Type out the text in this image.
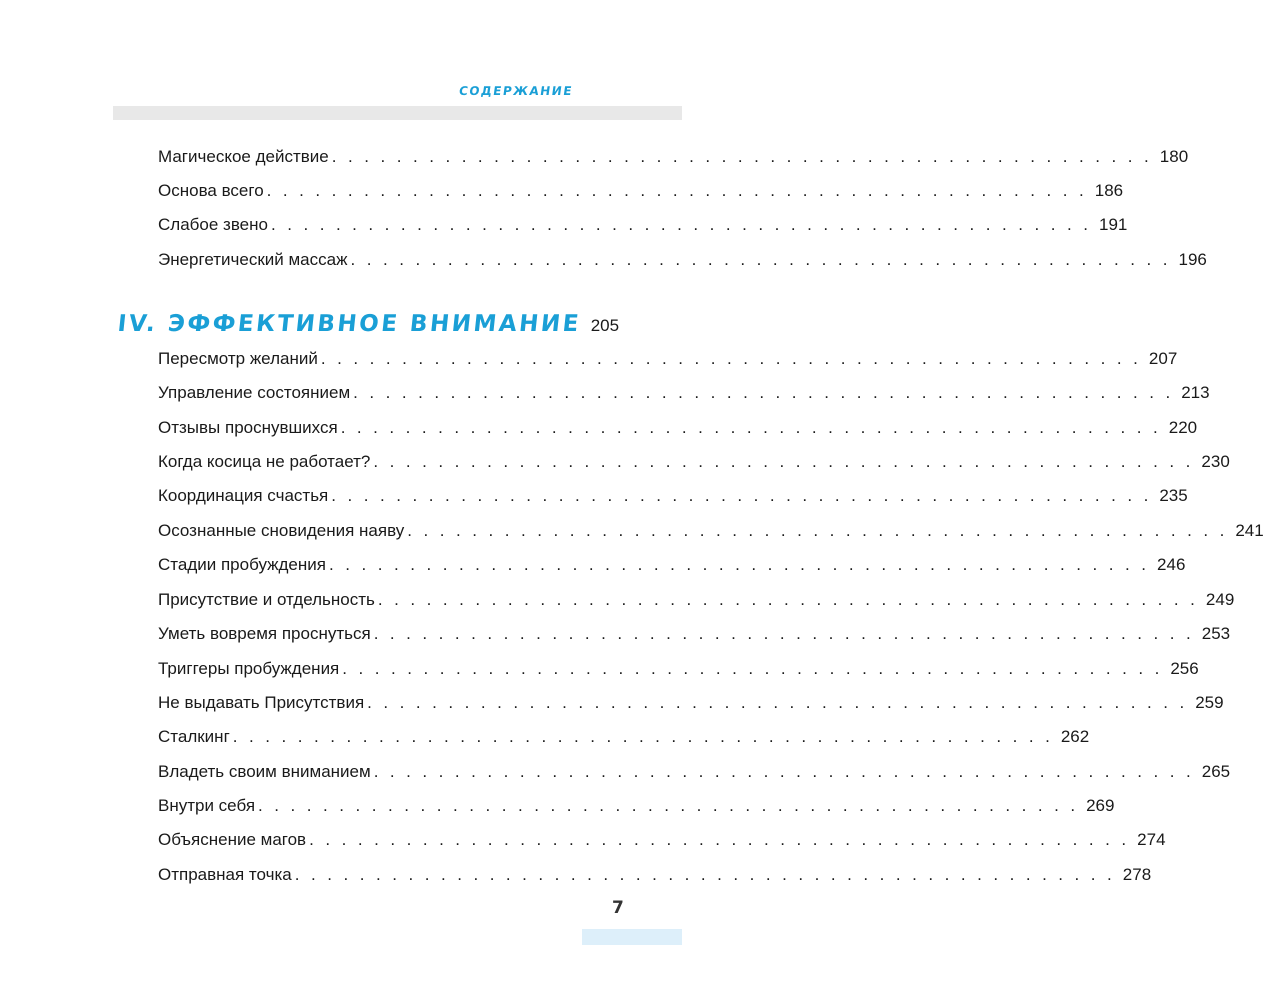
СОДЕРЖАНИЕ
Магическое действие . . . . . . . . . . . . . . . . . . . . . . . . . . . . . . . . . . . . . . . . . . . . . . . . . . . 180
Основа всего . . . . . . . . . . . . . . . . . . . . . . . . . . . . . . . . . . . . . . . . . . . . . . . . . . . 186
Слабое звено . . . . . . . . . . . . . . . . . . . . . . . . . . . . . . . . . . . . . . . . . . . . . . . . . . . 191
Энергетический массаж . . . . . . . . . . . . . . . . . . . . . . . . . . . . . . . . . . . . . . . . . . . . . . . . . . . 196
IV. ЭФФЕКТИВНОЕ ВНИМАНИЕ 205
Пересмотр желаний . . . . . . . . . . . . . . . . . . . . . . . . . . . . . . . . . . . . . . . . . . . . . . . . . . . 207
Управление состоянием . . . . . . . . . . . . . . . . . . . . . . . . . . . . . . . . . . . . . . . . . . . . . . . . . . . 213
Отзывы проснувшихся . . . . . . . . . . . . . . . . . . . . . . . . . . . . . . . . . . . . . . . . . . . . . . . . . . . 220
Когда косица не работает? . . . . . . . . . . . . . . . . . . . . . . . . . . . . . . . . . . . . . . . . . . . . . . . . . . . 230
Координация счастья . . . . . . . . . . . . . . . . . . . . . . . . . . . . . . . . . . . . . . . . . . . . . . . . . . . 235
Осознанные сновидения наяву . . . . . . . . . . . . . . . . . . . . . . . . . . . . . . . . . . . . . . . . . . . . . . . . . . . 241
Стадии пробуждения . . . . . . . . . . . . . . . . . . . . . . . . . . . . . . . . . . . . . . . . . . . . . . . . . . . 246
Присутствие и отдельность . . . . . . . . . . . . . . . . . . . . . . . . . . . . . . . . . . . . . . . . . . . . . . . . . . . 249
Уметь вовремя проснуться . . . . . . . . . . . . . . . . . . . . . . . . . . . . . . . . . . . . . . . . . . . . . . . . . . . 253
Триггеры пробуждения . . . . . . . . . . . . . . . . . . . . . . . . . . . . . . . . . . . . . . . . . . . . . . . . . . . 256
Не выдавать Присутствия . . . . . . . . . . . . . . . . . . . . . . . . . . . . . . . . . . . . . . . . . . . . . . . . . . . 259
Сталкинг . . . . . . . . . . . . . . . . . . . . . . . . . . . . . . . . . . . . . . . . . . . . . . . . . . . 262
Владеть своим вниманием . . . . . . . . . . . . . . . . . . . . . . . . . . . . . . . . . . . . . . . . . . . . . . . . . . . 265
Внутри себя . . . . . . . . . . . . . . . . . . . . . . . . . . . . . . . . . . . . . . . . . . . . . . . . . . . 269
Объяснение магов . . . . . . . . . . . . . . . . . . . . . . . . . . . . . . . . . . . . . . . . . . . . . . . . . . . 274
Отправная точка . . . . . . . . . . . . . . . . . . . . . . . . . . . . . . . . . . . . . . . . . . . . . . . . . . . 278
7
